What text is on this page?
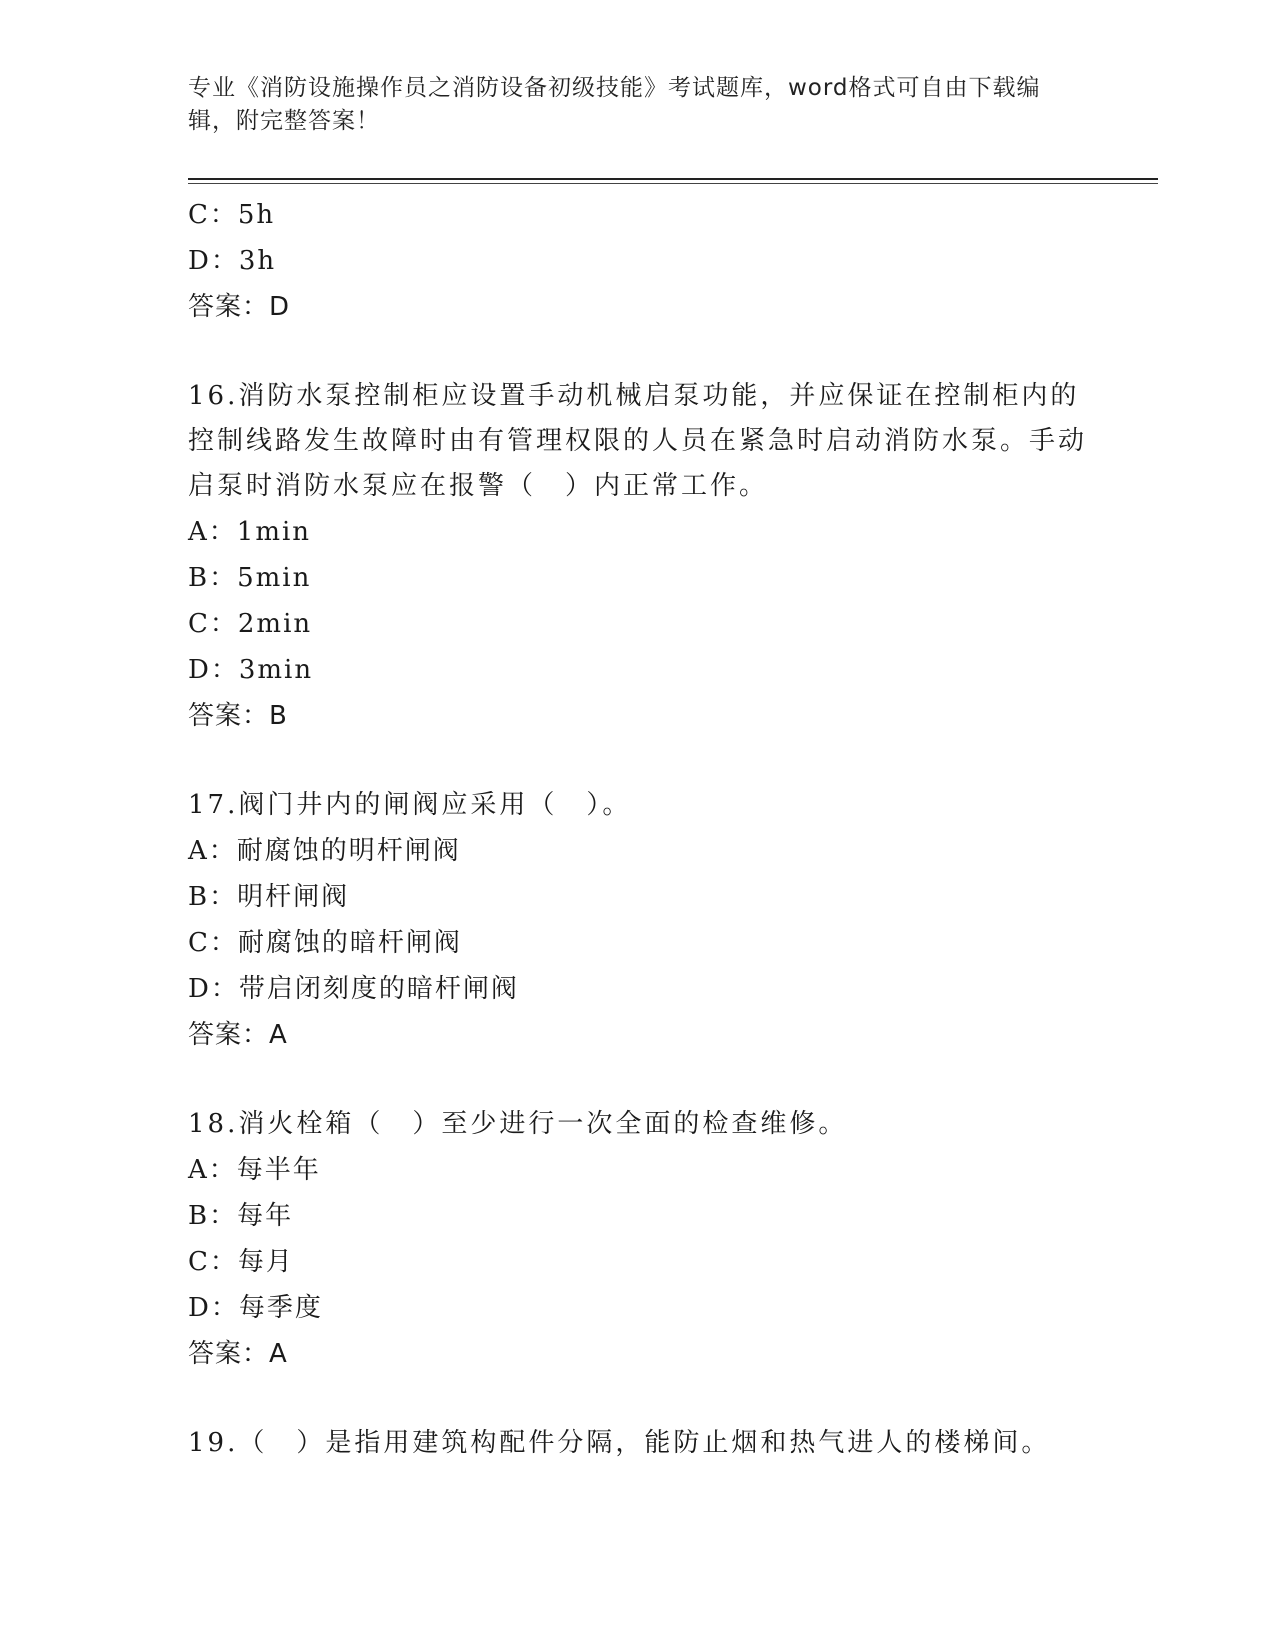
专业《消防设施操作员之消防设备初级技能》考试题库，word格式可自由下载编辑，附完整答案！
C：5h
D：3h
答案：D
16.消防水泵控制柜应设置手动机械启泵功能，并应保证在控制柜内的控制线路发生故障时由有管理权限的人员在紧急时启动消防水泵。手动启泵时消防水泵应在报警（　）内正常工作。
A：1min
B：5min
C：2min
D：3min
答案：B
17.阀门井内的闸阀应采用（　）。
A：耐腐蚀的明杆闸阀
B：明杆闸阀
C：耐腐蚀的暗杆闸阀
D：带启闭刻度的暗杆闸阀
答案：A
18.消火栓箱（　）至少进行一次全面的检查维修。
A：每半年
B：每年
C：每月
D：每季度
答案：A
19.（　）是指用建筑构配件分隔，能防止烟和热气进人的楼梯间。
